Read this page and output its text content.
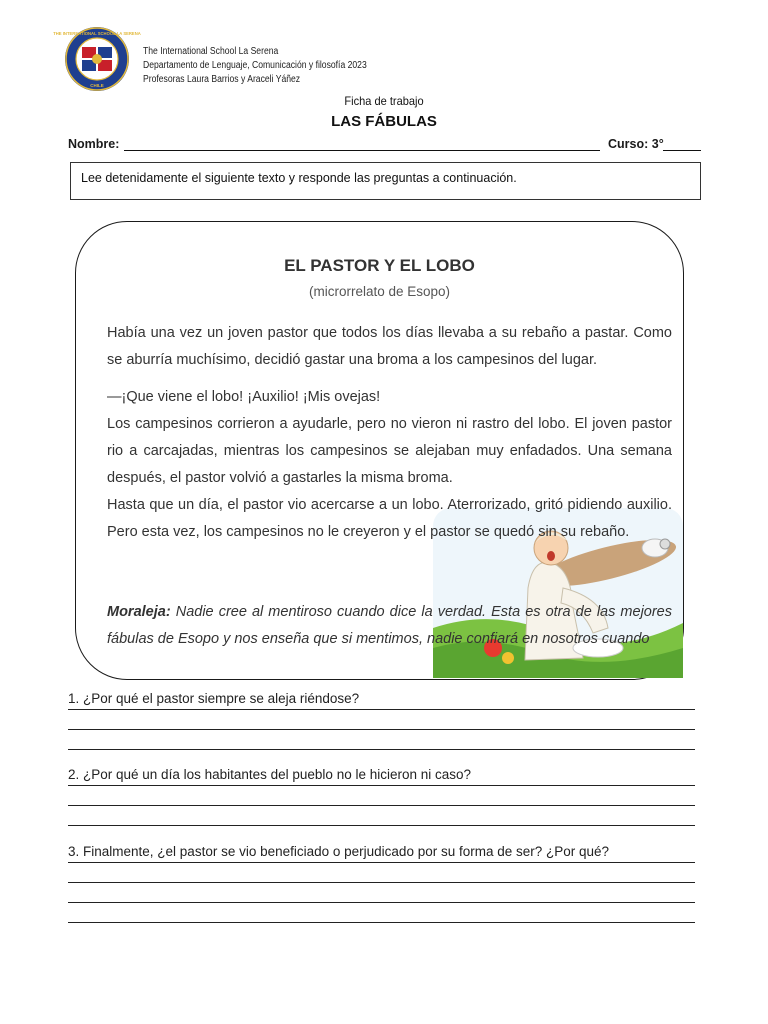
THE INTERNATIONAL SCHOOL LA SERENA
CHILE
The International School La Serena
Departamento de Lenguaje, Comunicación y filosofía 2023
Profesoras Laura Barrios y Araceli Yáñez
Ficha de trabajo
LAS FÁBULAS
Nombre:	Curso: 3°
Lee detenidamente el siguiente texto y responde las preguntas a continuación.
EL PASTOR Y EL LOBO
(microrrelato de Esopo)
Había una vez un joven pastor que todos los días llevaba a su rebaño a pastar. Como se aburría muchísimo, decidió gastar una broma a los campesinos del lugar.
—¡Que viene el lobo! ¡Auxilio! ¡Mis ovejas!
Los campesinos corrieron a ayudarle, pero no vieron ni rastro del lobo. El joven pastor rio a carcajadas, mientras los campesinos se alejaban muy enfadados. Una semana después, el pastor volvió a gastarles la misma broma.
Hasta que un día, el pastor vio acercarse a un lobo. Aterrorizado, gritó pidiendo auxilio. Pero esta vez, los campesinos no le creyeron y el pastor se quedó sin su rebaño.
Moraleja: Nadie cree al mentiroso cuando dice la verdad. Esta es otra de las mejores fábulas de Esopo y nos enseña que si mentimos, nadie confiará en nosotros cuando
1. ¿Por qué el pastor siempre se aleja riéndose?
2. ¿Por qué un día los habitantes del pueblo no le hicieron ni caso?
3. Finalmente, ¿el pastor se vio beneficiado o perjudicado por su forma de ser? ¿Por qué?
